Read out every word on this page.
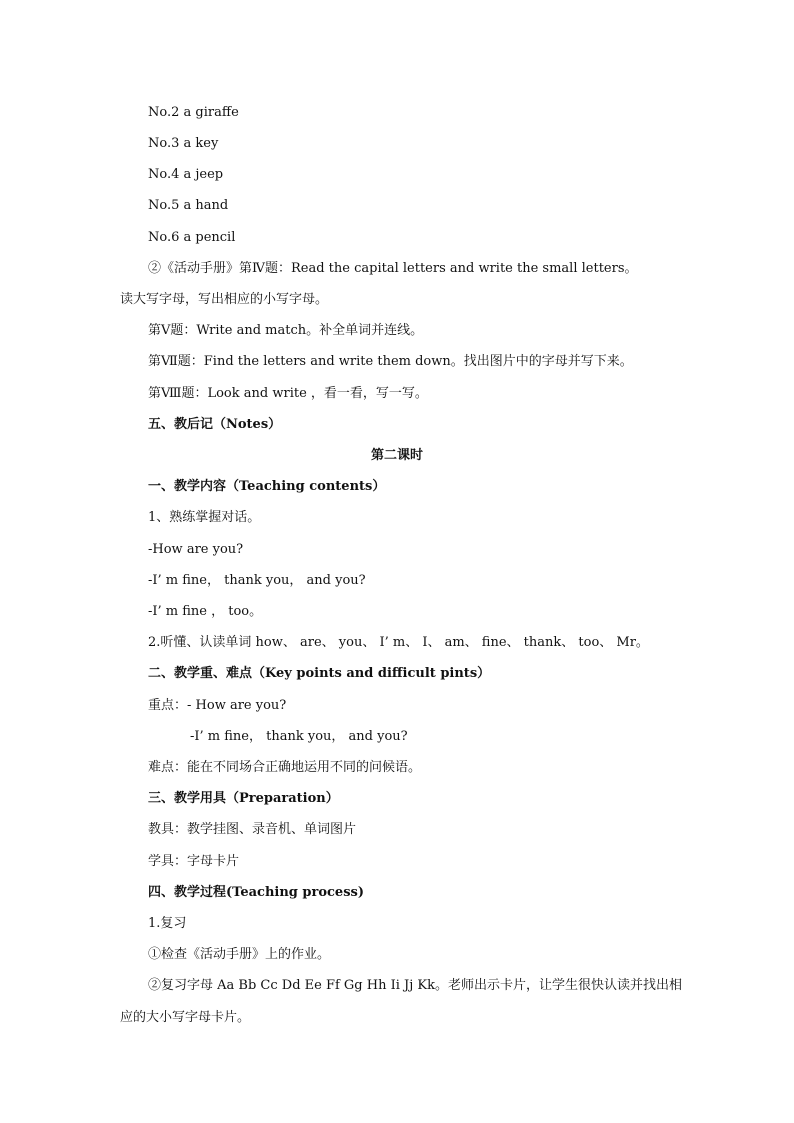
No.2 a giraffe
No.3 a key
No.4 a jeep
No.5 a hand
No.6 a pencil
②《活动手册》第Ⅳ题：Read the capital letters and write the small letters。
读大写字母，写出相应的小写字母。
第Ⅴ题：Write and match。补全单词并连线。
第Ⅶ题：Find the letters and write them down。找出图片中的字母并写下来。
第Ⅷ题：Look and write ，看一看，写一写。
五、教后记（Notes）
第二课时
一、教学内容（Teaching contents）
1、熟练掌握对话。
-How are you?
-I’ m fine， thank you， and you?
-I’ m fine ， too。
2.听懂、认读单词 how、 are、 you、 I’ m、 I、 am、 fine、 thank、 too、 Mr。
二、教学重、难点（Key points and difficult pints）
重点：- How are you?
-I’ m fine， thank you， and you?
难点：能在不同场合正确地运用不同的问候语。
三、教学用具（Preparation）
教具：教学挂图、录音机、单词图片
学具：字母卡片
四、教学过程(Teaching process)
1.复习
①检查《活动手册》上的作业。
②复习字母 Aa Bb Cc Dd Ee Ff Gg Hh Ii Jj Kk。老师出示卡片，让学生很快认读并找出相
应的大小写字母卡片。
